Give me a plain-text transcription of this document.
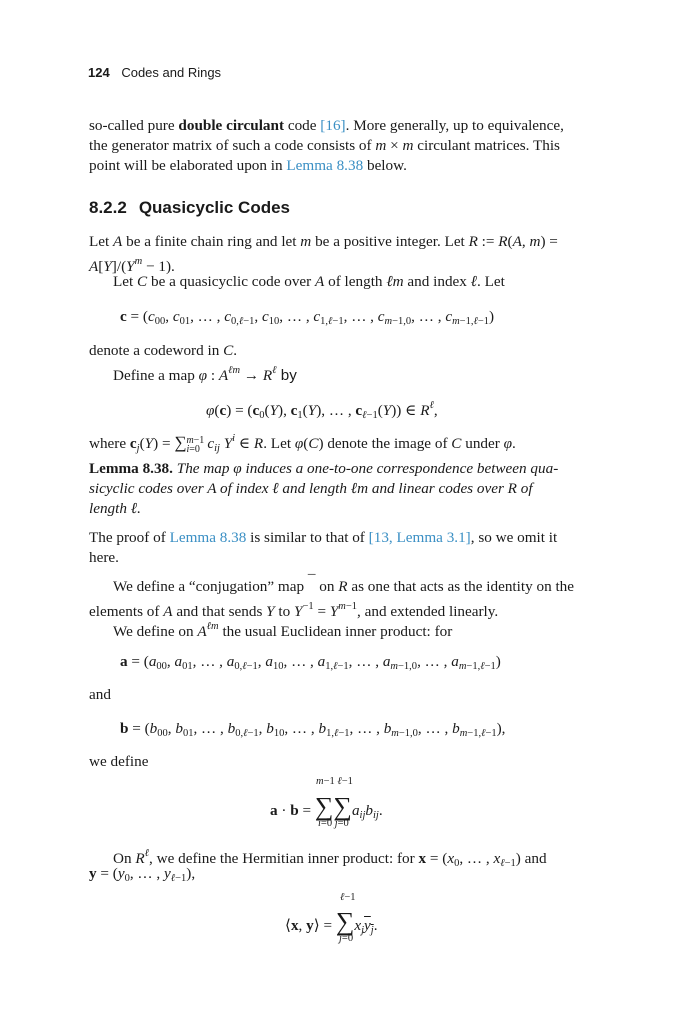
124 Codes and Rings
so-called pure double circulant code [16]. More generally, up to equivalence,
the generator matrix of such a code consists of m × m circulant matrices. This
point will be elaborated upon in Lemma 8.38 below.
8.2.2 Quasicyclic Codes
Let A be a finite chain ring and let m be a positive integer. Let R := R(A, m) =
$A[Y]/(Y^m - 1)$.
Let C be a quasicyclic code over A of length ℓm and index ℓ. Let
$c = (c_{00}$, $c_{01}$, … , $c_{0,\ell-1}$, $c_{10}$, … , $c_{1,\ell-1}$, … , $c_{m-1,0}$, … , $c_{m-1,\ell-1}$)
denote a codeword in C.
Define a map φ : $A^{\ell m} \to R^\ell$ by
$\varphi(c) = (c_0(Y)$, $c_1(Y)$, … , $c_{\ell-1}(Y)$) ∈ $R^\ell$,
where $c_j(Y) = \sum m-1$
i=0 $c_{ij}$ $Y^i$ ∈ R. Let φ(C) denote the image of C under φ.
Lemma 8.38. The map φ induces a one-to-one correspondence between qua-
sicyclic codes over A of index ℓ and length ℓm and linear codes over R of
length ℓ.
The proof of Lemma 8.38 is similar to that of [13, Lemma 3.1], so we omit it
here.
We define a “conjugation” map ¯ on R as one that acts as the identity on the
elements of A and that sends Y to $Y^{-1} = Y^{m-1}$, and extended linearly.
We define on $A^{\ell m}$ the usual Euclidean inner product: for
$a = (a_{00}$, $a_{01}$, … , $a_{0,\ell-1}$, $a_{10}$, … , $a_{1,\ell-1}$, … , $a_{m-1,0}$, … , $a_{m-1,\ell-1}$)
and
$b = (b_{00}$, $b_{01}$, … , $b_{0,\ell-1}$, $b_{10}$, … , $b_{1,\ell-1}$, … , $b_{m-1,0}$, … , $b_{m-1,\ell-1}$),
we define
m−1 ℓ−1
$a \cdot b = \sum\sum a_{ij}b_{ij}$.
i=0 j=0
On $R^\ell$, we define the Hermitian inner product: for $x = (x_0$, … , $x_{\ell-1}$) and
$y = (y_0$, … , $y_{\ell-1}$),
ℓ−1
⟨x, y⟩ = $\sum x_j\overline{y}_{\overline{j}}$.
j=0
